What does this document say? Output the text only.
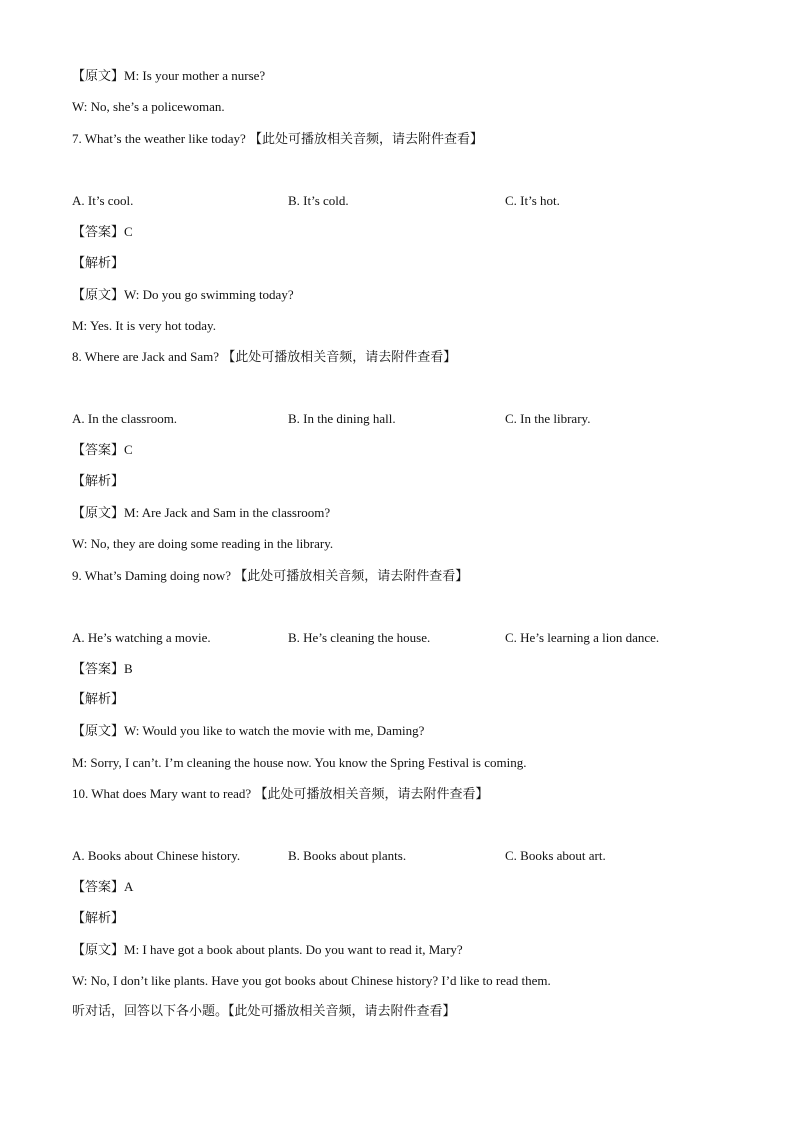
【原文】M: Is your mother a nurse?
W: No, she’s a policewoman.
7. What’s the weather like today? 【此处可播放相关音频，请去附件查看】
A. It’s cool.	B. It’s cold.	C. It’s hot.
【答案】C
【解析】
【原文】W: Do you go swimming today?
M: Yes. It is very hot today.
8. Where are Jack and Sam? 【此处可播放相关音频，请去附件查看】
A. In the classroom.	B. In the dining hall.	C. In the library.
【答案】C
【解析】
【原文】M: Are Jack and Sam in the classroom?
W: No, they are doing some reading in the library.
9. What’s Daming doing now? 【此处可播放相关音频，请去附件查看】
A. He’s watching a movie.	B. He’s cleaning the house.	C. He’s learning a lion dance.
【答案】B
【解析】
【原文】W: Would you like to watch the movie with me, Daming?
M: Sorry, I can’t. I’m cleaning the house now. You know the Spring Festival is coming.
10. What does Mary want to read? 【此处可播放相关音频，请去附件查看】
A. Books about Chinese history.	B. Books about plants.	C. Books about art.
【答案】A
【解析】
【原文】M: I have got a book about plants. Do you want to read it, Mary?
W: No, I don’t like plants. Have you got books about Chinese history? I’d like to read them.
听对话，回答以下各小题。【此处可播放相关音频，请去附件查看】
